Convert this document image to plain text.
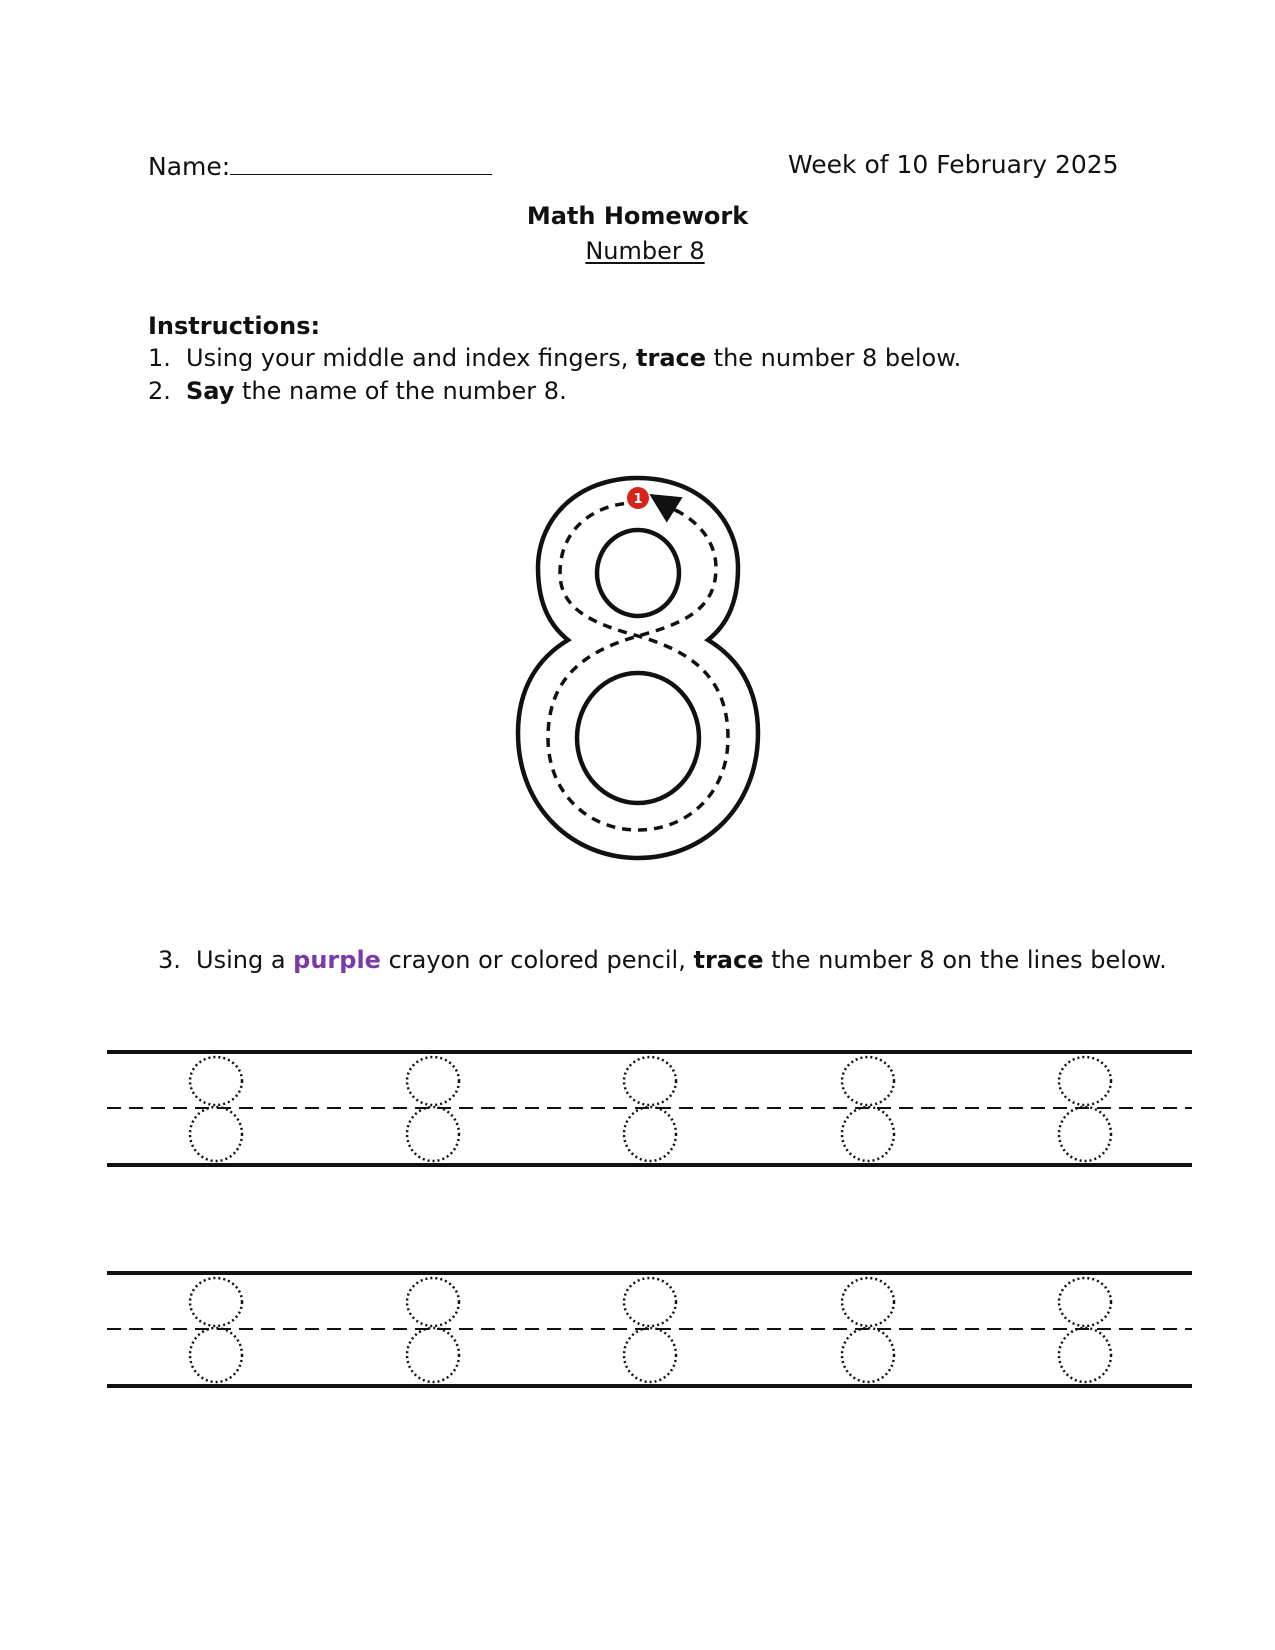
Name:	Week of 10 February 2025
Math Homework
Number 8
Instructions:
1. Using your middle and index fingers, trace the number 8 below.
2. Say the name of the number 8.
1
3. Using a purple crayon or colored pencil, trace the number 8 on the lines below.
